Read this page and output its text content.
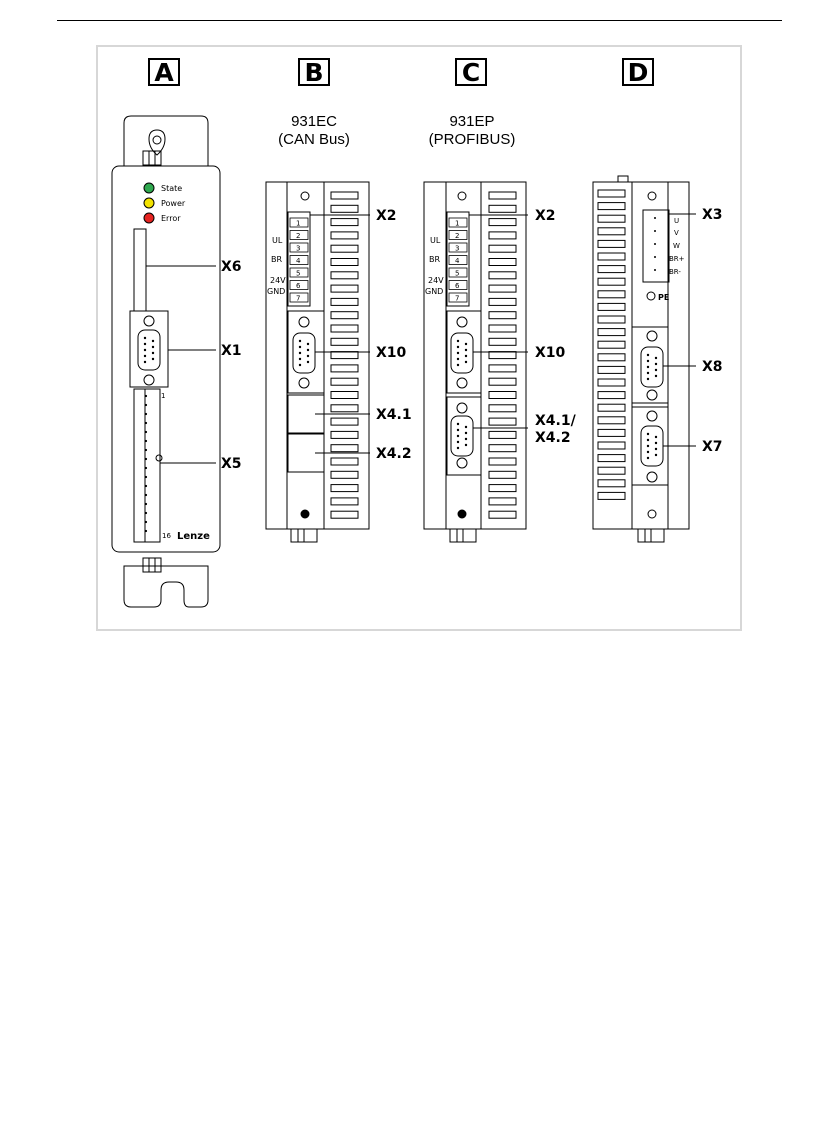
A	B	C	D
931EC
(CAN Bus)
931EP
(PROFIBUS)
1
2
3
4
5
6
7
1
2
3
4
5
6
7
State
Power
Error
1
16 Lenze
X6
X1
X5
UL
BR
24V
GND
X2
X10
X4.1
X4.2
UL
BR
24V
GND
X2
X10
X4.1/
X4.2
PE
X3
X8
X7
U
V
W
BR+
BR-
